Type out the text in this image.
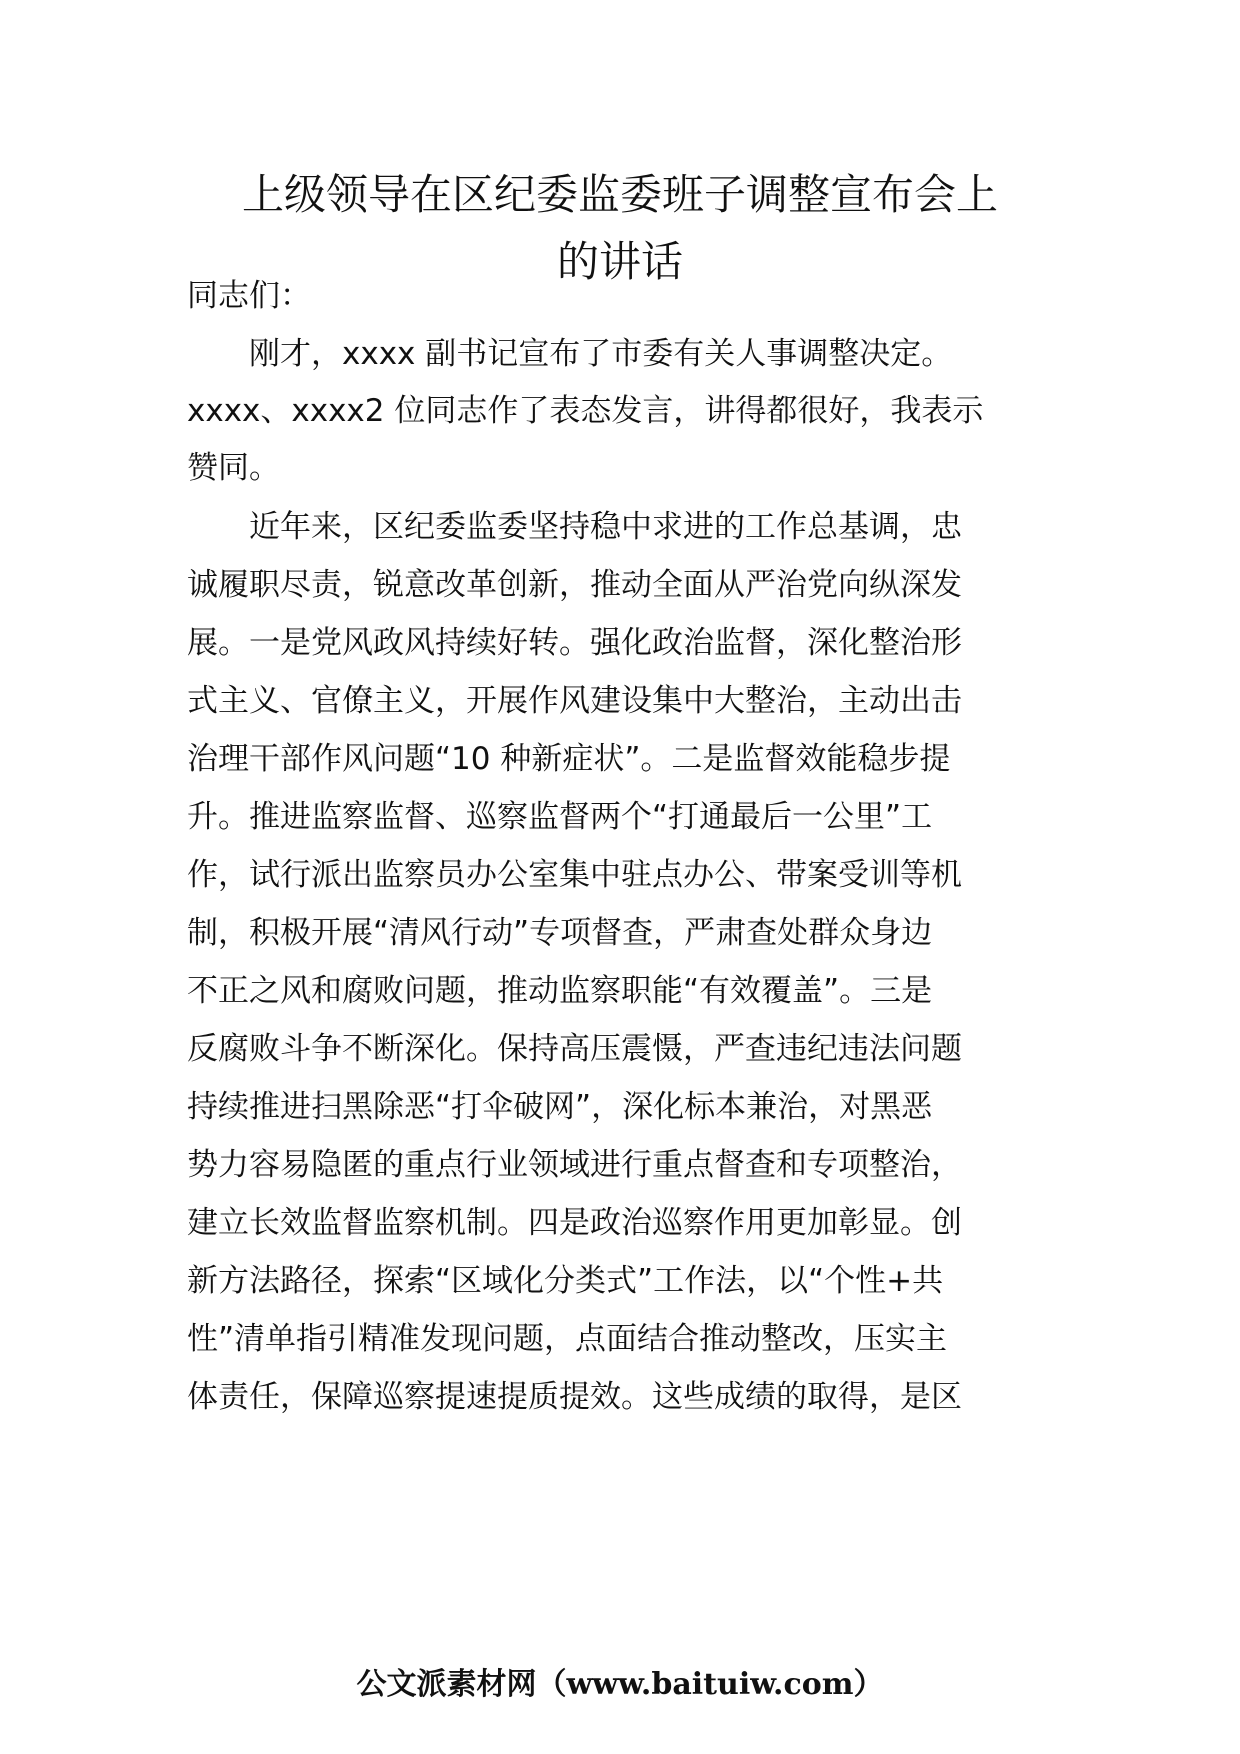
上级领导在区纪委监委班子调整宣布会上
的讲话

同志们：

　　刚才，xxxx 副书记宣布了市委有关人事调整决定。

xxxx、xxxx2 位同志作了表态发言，讲得都很好，我表示

赞同。

　　近年来，区纪委监委坚持稳中求进的工作总基调，忠

诚履职尽责，锐意改革创新，推动全面从严治党向纵深发

展。一是党风政风持续好转。强化政治监督，深化整治形

式主义、官僚主义，开展作风建设集中大整治，主动出击

治理干部作风问题“10 种新症状”。二是监督效能稳步提

升。推进监察监督、巡察监督两个“打通最后一公里”工

作，试行派出监察员办公室集中驻点办公、带案受训等机

制，积极开展“清风行动”专项督查，严肃查处群众身边

不正之风和腐败问题，推动监察职能“有效覆盖”。三是

反腐败斗争不断深化。保持高压震慑，严查违纪违法问题

持续推进扫黑除恶“打伞破网”，深化标本兼治，对黑恶

势力容易隐匿的重点行业领域进行重点督查和专项整治，

建立长效监督监察机制。四是政治巡察作用更加彰显。创

新方法路径，探索“区域化分类式”工作法，以“个性+共

性”清单指引精准发现问题，点面结合推动整改，压实主

体责任，保障巡察提速提质提效。这些成绩的取得，是区

公文派素材网（www.baituiw.com）
